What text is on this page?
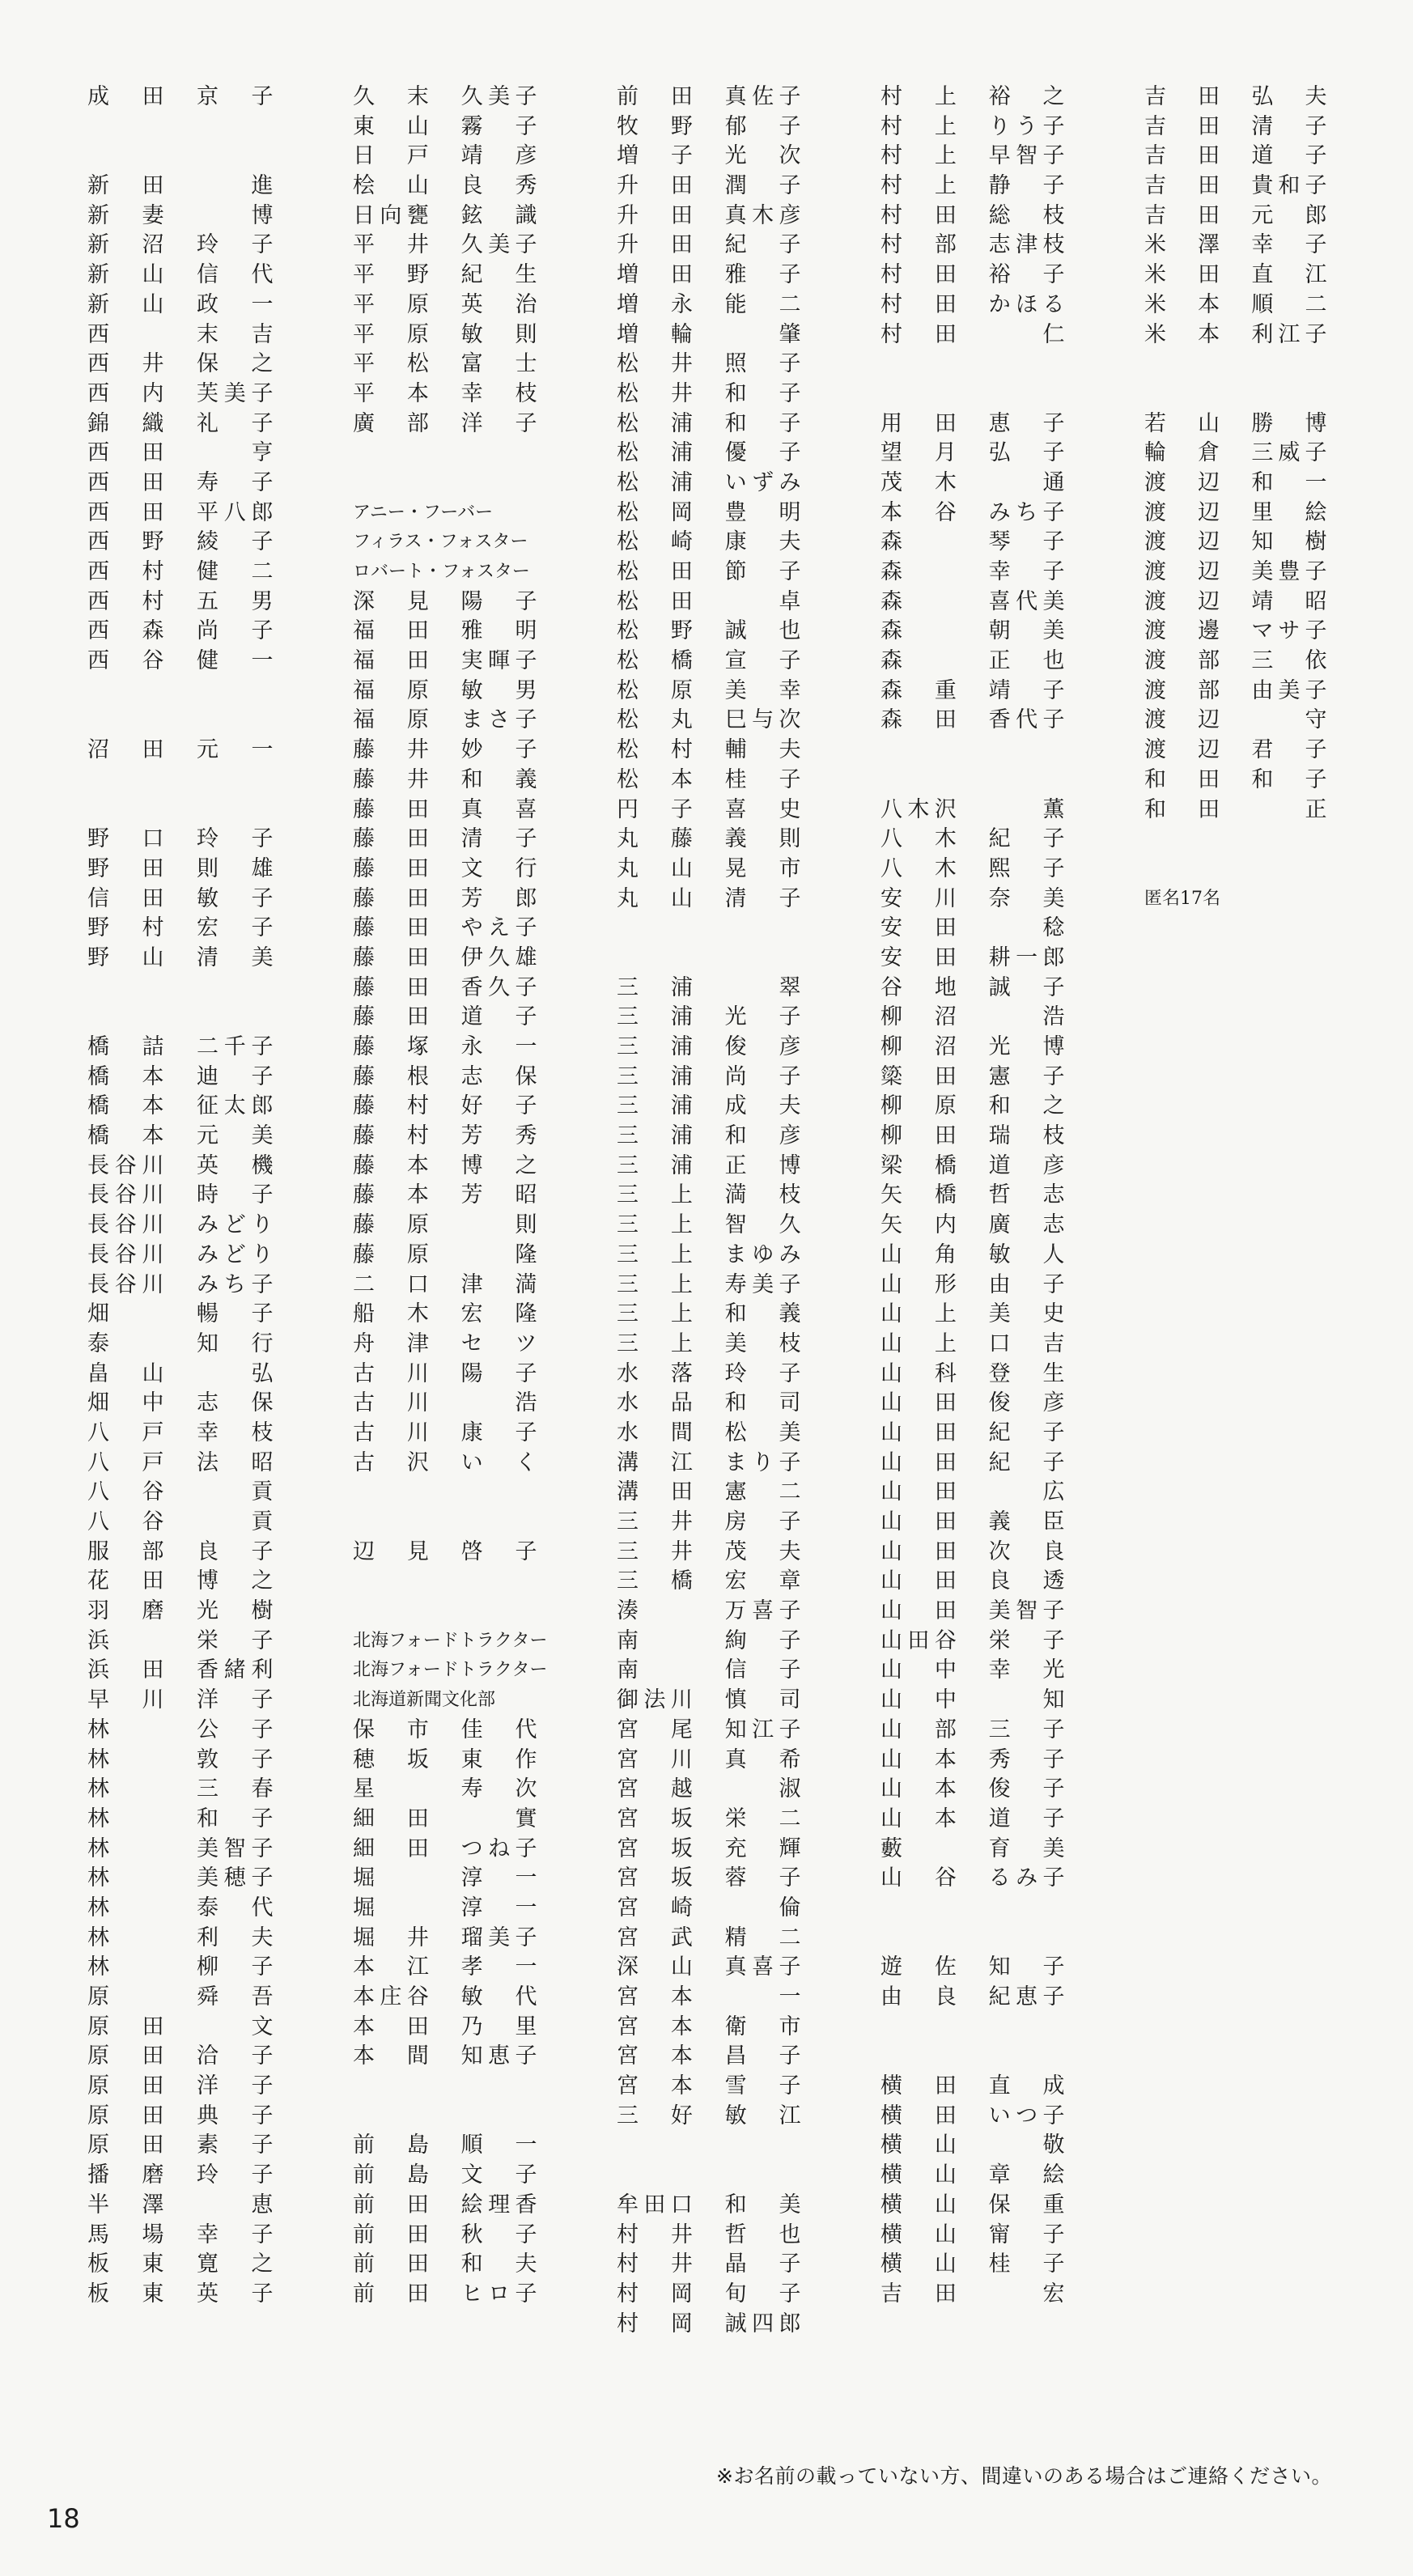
成　田　京　子
新　田　　　進
新　妻　　　博
新　沼　玲　子
新　山　信　代
新　山　政　一
西　　　末　吉
西　井　保　之
西　内　芙美子
錦　織　礼　子
西　田　　　亨
西　田　寿　子
西　田　平八郎
西　野　綾　子
西　村　健　二
西　村　五　男
西　森　尚　子
西　谷　健　一
沼　田　元　一
野　口　玲　子
野　田　則　雄
信　田　敏　子
野　村　宏　子
野　山　清　美
橋　詰　二千子
橋　本　迪　子
橋　本　征太郎
橋　本　元　美
長谷川　英　機
長谷川　時　子
長谷川　みどり
長谷川　みどり
長谷川　みち子
畑　　　暢　子
泰　　　知　行
畠　山　　　弘
畑　中　志　保
八　戸　幸　枝
八　戸　法　昭
八　谷　　　貢
八　谷　　　貢
服　部　良　子
花　田　博　之
羽　磨　光　樹
浜　　　栄　子
浜　田　香緒利
早　川　洋　子
林　　　公　子
林　　　敦　子
林　　　三　春
林　　　和　子
林　　　美智子
林　　　美穂子
林　　　泰　代
林　　　利　夫
林　　　柳　子
原　　　舜　吾
原　田　　　文
原　田　洽　子
原　田　洋　子
原　田　典　子
原　田　素　子
播　磨　玲　子
半　澤　　　恵
馬　場　幸　子
板　東　寛　之
板　東　英　子
久　末　久美子
東　山　霧　子
日　戸　靖　彦
桧　山　良　秀
日向甕　鉉　識
平　井　久美子
平　野　紀　生
平　原　英　治
平　原　敏　則
平　松　富　士
平　本　幸　枝
廣　部　洋　子
アニー・フーバー
フィラス・フォスター
ロバート・フォスター
深　見　陽　子
福　田　雅　明
福　田　実暉子
福　原　敏　男
福　原　まさ子
藤　井　妙　子
藤　井　和　義
藤　田　真　喜
藤　田　清　子
藤　田　文　行
藤　田　芳　郎
藤　田　やえ子
藤　田　伊久雄
藤　田　香久子
藤　田　道　子
藤　塚　永　一
藤　根　志　保
藤　村　好　子
藤　村　芳　秀
藤　本　博　之
藤　本　芳　昭
藤　原　　　則
藤　原　　　隆
二　口　津　満
船　木　宏　隆
舟　津　セ　ツ
古　川　陽　子
古　川　　　浩
古　川　康　子
古　沢　い　く
辺　見　啓　子
北海フォードトラクター
北海フォードトラクター
北海道新聞文化部
保　市　佳　代
穂　坂　東　作
星　　　寿　次
細　田　　　實
細　田　つね子
堀　　　淳　一
堀　　　淳　一
堀　井　瑠美子
本　江　孝　一
本庄谷　敏　代
本　田　乃　里
本　間　知恵子
前　島　順　一
前　島　文　子
前　田　絵理香
前　田　秋　子
前　田　和　夫
前　田　ヒロ子
前　田　真佐子
牧　野　郁　子
増　子　光　次
升　田　潤　子
升　田　真木彦
升　田　紀　子
増　田　雅　子
増　永　能　二
増　輪　　　肇
松　井　照　子
松　井　和　子
松　浦　和　子
松　浦　優　子
松　浦　いずみ
松　岡　豊　明
松　崎　康　夫
松　田　節　子
松　田　　　卓
松　野　誠　也
松　橋　宣　子
松　原　美　幸
松　丸　巳与次
松　村　輔　夫
松　本　桂　子
円　子　喜　史
丸　藤　義　則
丸　山　晃　市
丸　山　清　子
三　浦　　　翠
三　浦　光　子
三　浦　俊　彦
三　浦　尚　子
三　浦　成　夫
三　浦　和　彦
三　浦　正　博
三　上　満　枝
三　上　智　久
三　上　まゆみ
三　上　寿美子
三　上　和　義
三　上　美　枝
水　落　玲　子
水　品　和　司
水　間　松　美
溝　江　まり子
溝　田　憲　二
三　井　房　子
三　井　茂　夫
三　橋　宏　章
湊　　　万喜子
南　　　絢　子
南　　　信　子
御法川　慎　司
宮　尾　知江子
宮　川　真　希
宮　越　　　淑
宮　坂　栄　二
宮　坂　充　輝
宮　坂　蓉　子
宮　崎　　　倫
宮　武　精　二
深　山　真喜子
宮　本　　　一
宮　本　衛　市
宮　本　昌　子
宮　本　雪　子
三　好　敏　江
牟田口　和　美
村　井　哲　也
村　井　晶　子
村　岡　旬　子
村　岡　誠四郎
村　上　裕　之
村　上　りう子
村　上　早智子
村　上　静　子
村　田　総　枝
村　部　志津枝
村　田　裕　子
村　田　かほる
村　田　　　仁
用　田　恵　子
望　月　弘　子
茂　木　　　通
本　谷　みち子
森　　　琴　子
森　　　幸　子
森　　　喜代美
森　　　朝　美
森　　　正　也
森　重　靖　子
森　田　香代子
八木沢　　　薫
八　木　紀　子
八　木　熙　子
安　川　奈　美
安　田　　　稔
安　田　耕一郎
谷　地　誠　子
柳　沼　　　浩
柳　沼　光　博
簗　田　憲　子
柳　原　和　之
柳　田　瑞　枝
梁　橋　道　彦
矢　橋　哲　志
矢　内　廣　志
山　角　敏　人
山　形　由　子
山　上　美　史
山　上　口　吉
山　科　登　生
山　田　俊　彦
山　田　紀　子
山　田　紀　子
山　田　　　広
山　田　義　臣
山　田　次　良
山　田　良　透
山　田　美智子
山田谷　栄　子
山　中　幸　光
山　中　　　知
山　部　三　子
山　本　秀　子
山　本　俊　子
山　本　道　子
藪　　　育　美
山　谷　るみ子
遊　佐　知　子
由　良　紀恵子
横　田　直　成
横　田　いつ子
横　山　　　敬
横　山　章　絵
横　山　保　重
横　山　甯　子
横　山　桂　子
吉　田　　　宏
吉　田　弘　夫
吉　田　清　子
吉　田　道　子
吉　田　貴和子
吉　田　元　郎
米　澤　幸　子
米　田　直　江
米　本　順　二
米　本　利江子
若　山　勝　博
輪　倉　三威子
渡　辺　和　一
渡　辺　里　絵
渡　辺　知　樹
渡　辺　美豊子
渡　辺　靖　昭
渡　邊　マサ子
渡　部　三　依
渡　部　由美子
渡　辺　　　守
渡　辺　君　子
和　田　和　子
和　田　　　正
匿名17名
※お名前の載っていない方、間違いのある場合はご連絡ください。
18
